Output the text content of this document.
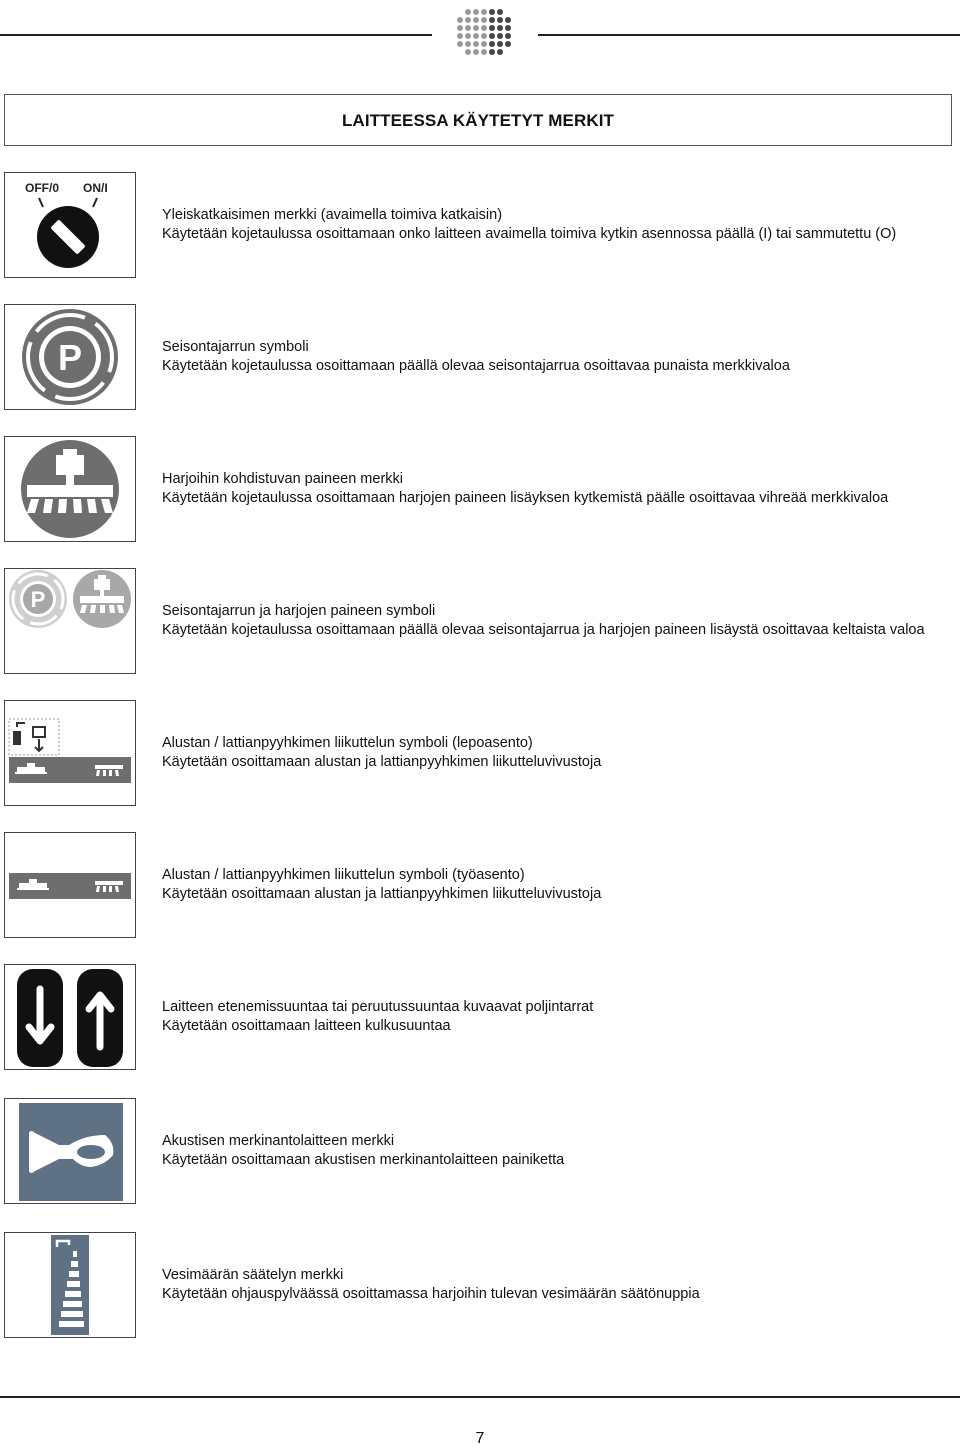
LAITTEESSA KÄYTETYT MERKIT
OFF/0 ON/I
Yleiskatkaisimen merkki (avaimella toimiva katkaisin)
Käytetään kojetaulussa osoittamaan onko laitteen avaimella toimiva kytkin asennossa päällä (I) tai sammutettu (O)
P	Seisontajarrun symboli
Käytetään kojetaulussa osoittamaan päällä olevaa seisontajarrua osoittavaa punaista merkkivaloa
Harjoihin kohdistuvan paineen merkki
Käytetään kojetaulussa osoittamaan harjojen paineen lisäyksen kytkemistä päälle osoittavaa vihreää merkkivaloa
P	Seisontajarrun ja harjojen paineen symboli
Käytetään kojetaulussa osoittamaan päällä olevaa seisontajarrua ja harjojen paineen lisäystä osoittavaa keltaista valoa
Alustan / lattianpyyhkimen liikuttelun symboli (lepoasento)
Käytetään osoittamaan alustan ja lattianpyyhkimen liikutteluvivustoja
Alustan / lattianpyyhkimen liikuttelun symboli (työasento)
Käytetään osoittamaan alustan ja lattianpyyhkimen liikutteluvivustoja
Laitteen etenemissuuntaa tai peruutussuuntaa kuvaavat poljintarrat
Käytetään osoittamaan laitteen kulkusuuntaa
Akustisen merkinantolaitteen merkki
Käytetään osoittamaan akustisen merkinantolaitteen painiketta
Vesimäärän säätelyn merkki
Käytetään ohjauspylväässä osoittamassa harjoihin tulevan vesimäärän säätönuppia
7
